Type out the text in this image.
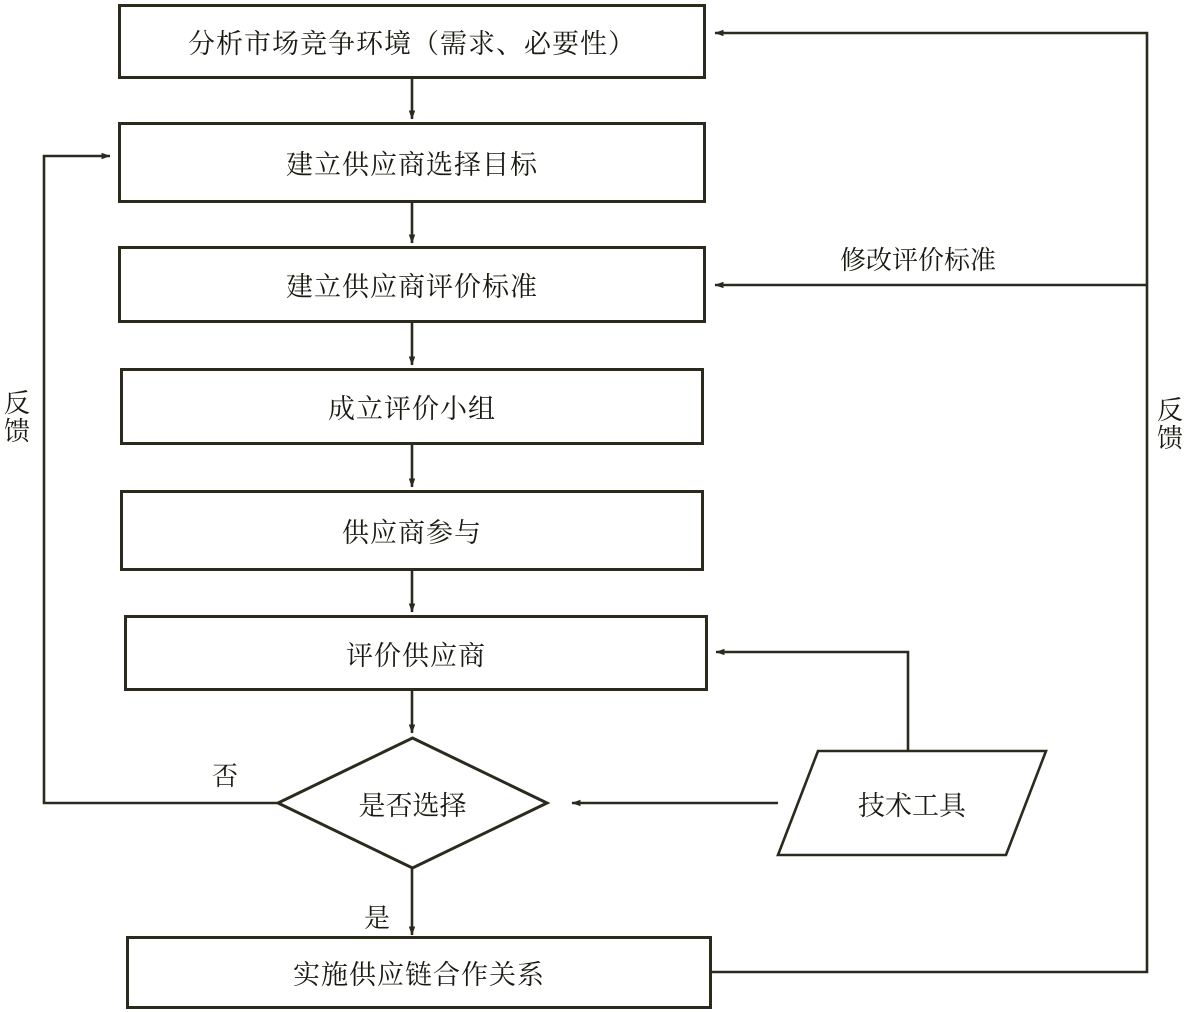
分析市场竞争环境（需求、必要性）
建立供应商选择目标
建立供应商评价标准
成立评价小组
供应商参与
评价供应商
是否选择
实施供应链合作关系
技术工具
否
是
反馈
反馈
修改评价标准
